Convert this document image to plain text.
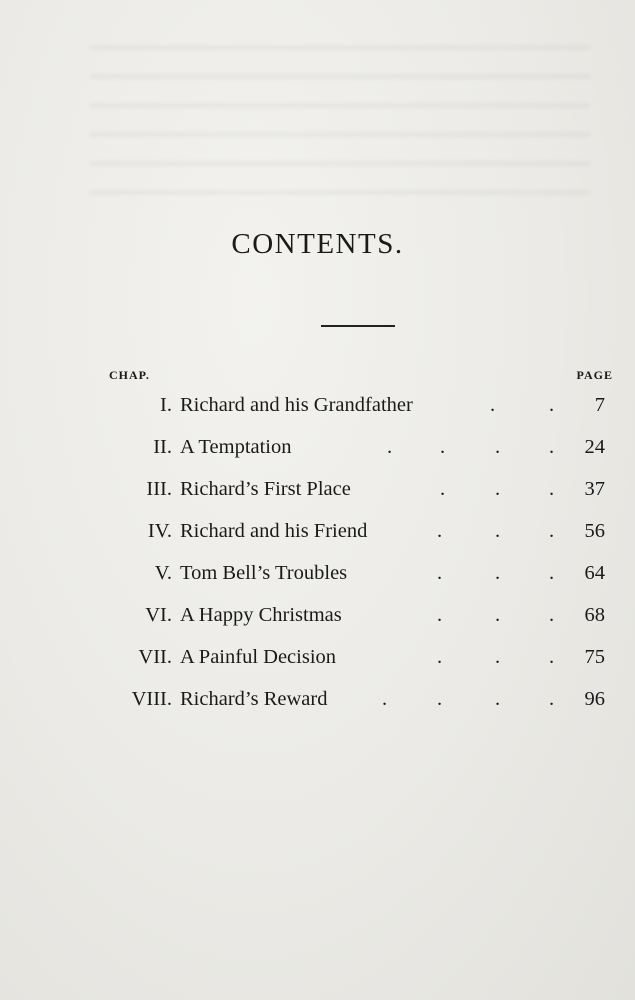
CONTENTS.
CHAP.	PAGE
I. Richard and his Grandfather	.	. 7
II. A Temptation	. . . . 24
III. Richard’s First Place	. . . 37
IV. Richard and his Friend	.	. . 56
V. Tom Bell’s Troubles	.	. . 64
VI. A Happy Christmas	.	. . 68
VII. A Painful Decision	.	. . 75
VIII. Richard’s Reward	. .	. . 96
